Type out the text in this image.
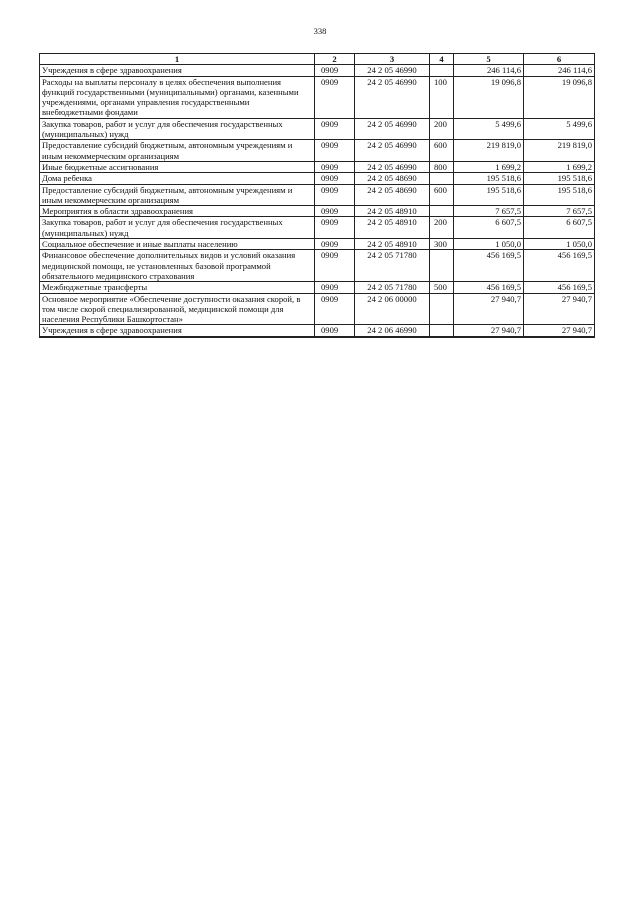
338
1	2	3	4	5	6
Учреждения в сфере здравоохранения	0909	24 2 05 46990		246 114,6	246 114,6
Расходы на выплаты персоналу в целях обеспечения выполнения функций государственными (муниципальными) органами, казенными учреждениями, органами управления государственными внебюджетными фондами	0909	24 2 05 46990	100	19 096,8	19 096,8
Закупка товаров, работ и услуг для обеспечения государственных (муниципальных) нужд	0909	24 2 05 46990	200	5 499,6	5 499,6
Предоставление субсидий бюджетным, автономным учреждениям и иным некоммерческим организациям	0909	24 2 05 46990	600	219 819,0	219 819,0
Иные бюджетные ассигнования	0909	24 2 05 46990	800	1 699,2	1 699,2
Дома ребенка	0909	24 2 05 48690		195 518,6	195 518,6
Предоставление субсидий бюджетным, автономным учреждениям и иным некоммерческим организациям	0909	24 2 05 48690	600	195 518,6	195 518,6
Мероприятия в области здравоохранения	0909	24 2 05 48910		7 657,5	7 657,5
Закупка товаров, работ и услуг для обеспечения государственных (муниципальных) нужд	0909	24 2 05 48910	200	6 607,5	6 607,5
Социальное обеспечение и иные выплаты населению	0909	24 2 05 48910	300	1 050,0	1 050,0
Финансовое обеспечение дополнительных видов и условий оказания медицинской помощи, не установленных базовой программой обязательного медицинского страхования	0909	24 2 05 71780		456 169,5	456 169,5
Межбюджетные трансферты	0909	24 2 05 71780	500	456 169,5	456 169,5
Основное мероприятие «Обеспечение доступности оказания скорой, в том числе скорой специализированной, медицинской помощи для населения Республики Башкортостан»	0909	24 2 06 00000		27 940,7	27 940,7
Учреждения в сфере здравоохранения	0909	24 2 06 46990		27 940,7	27 940,7
